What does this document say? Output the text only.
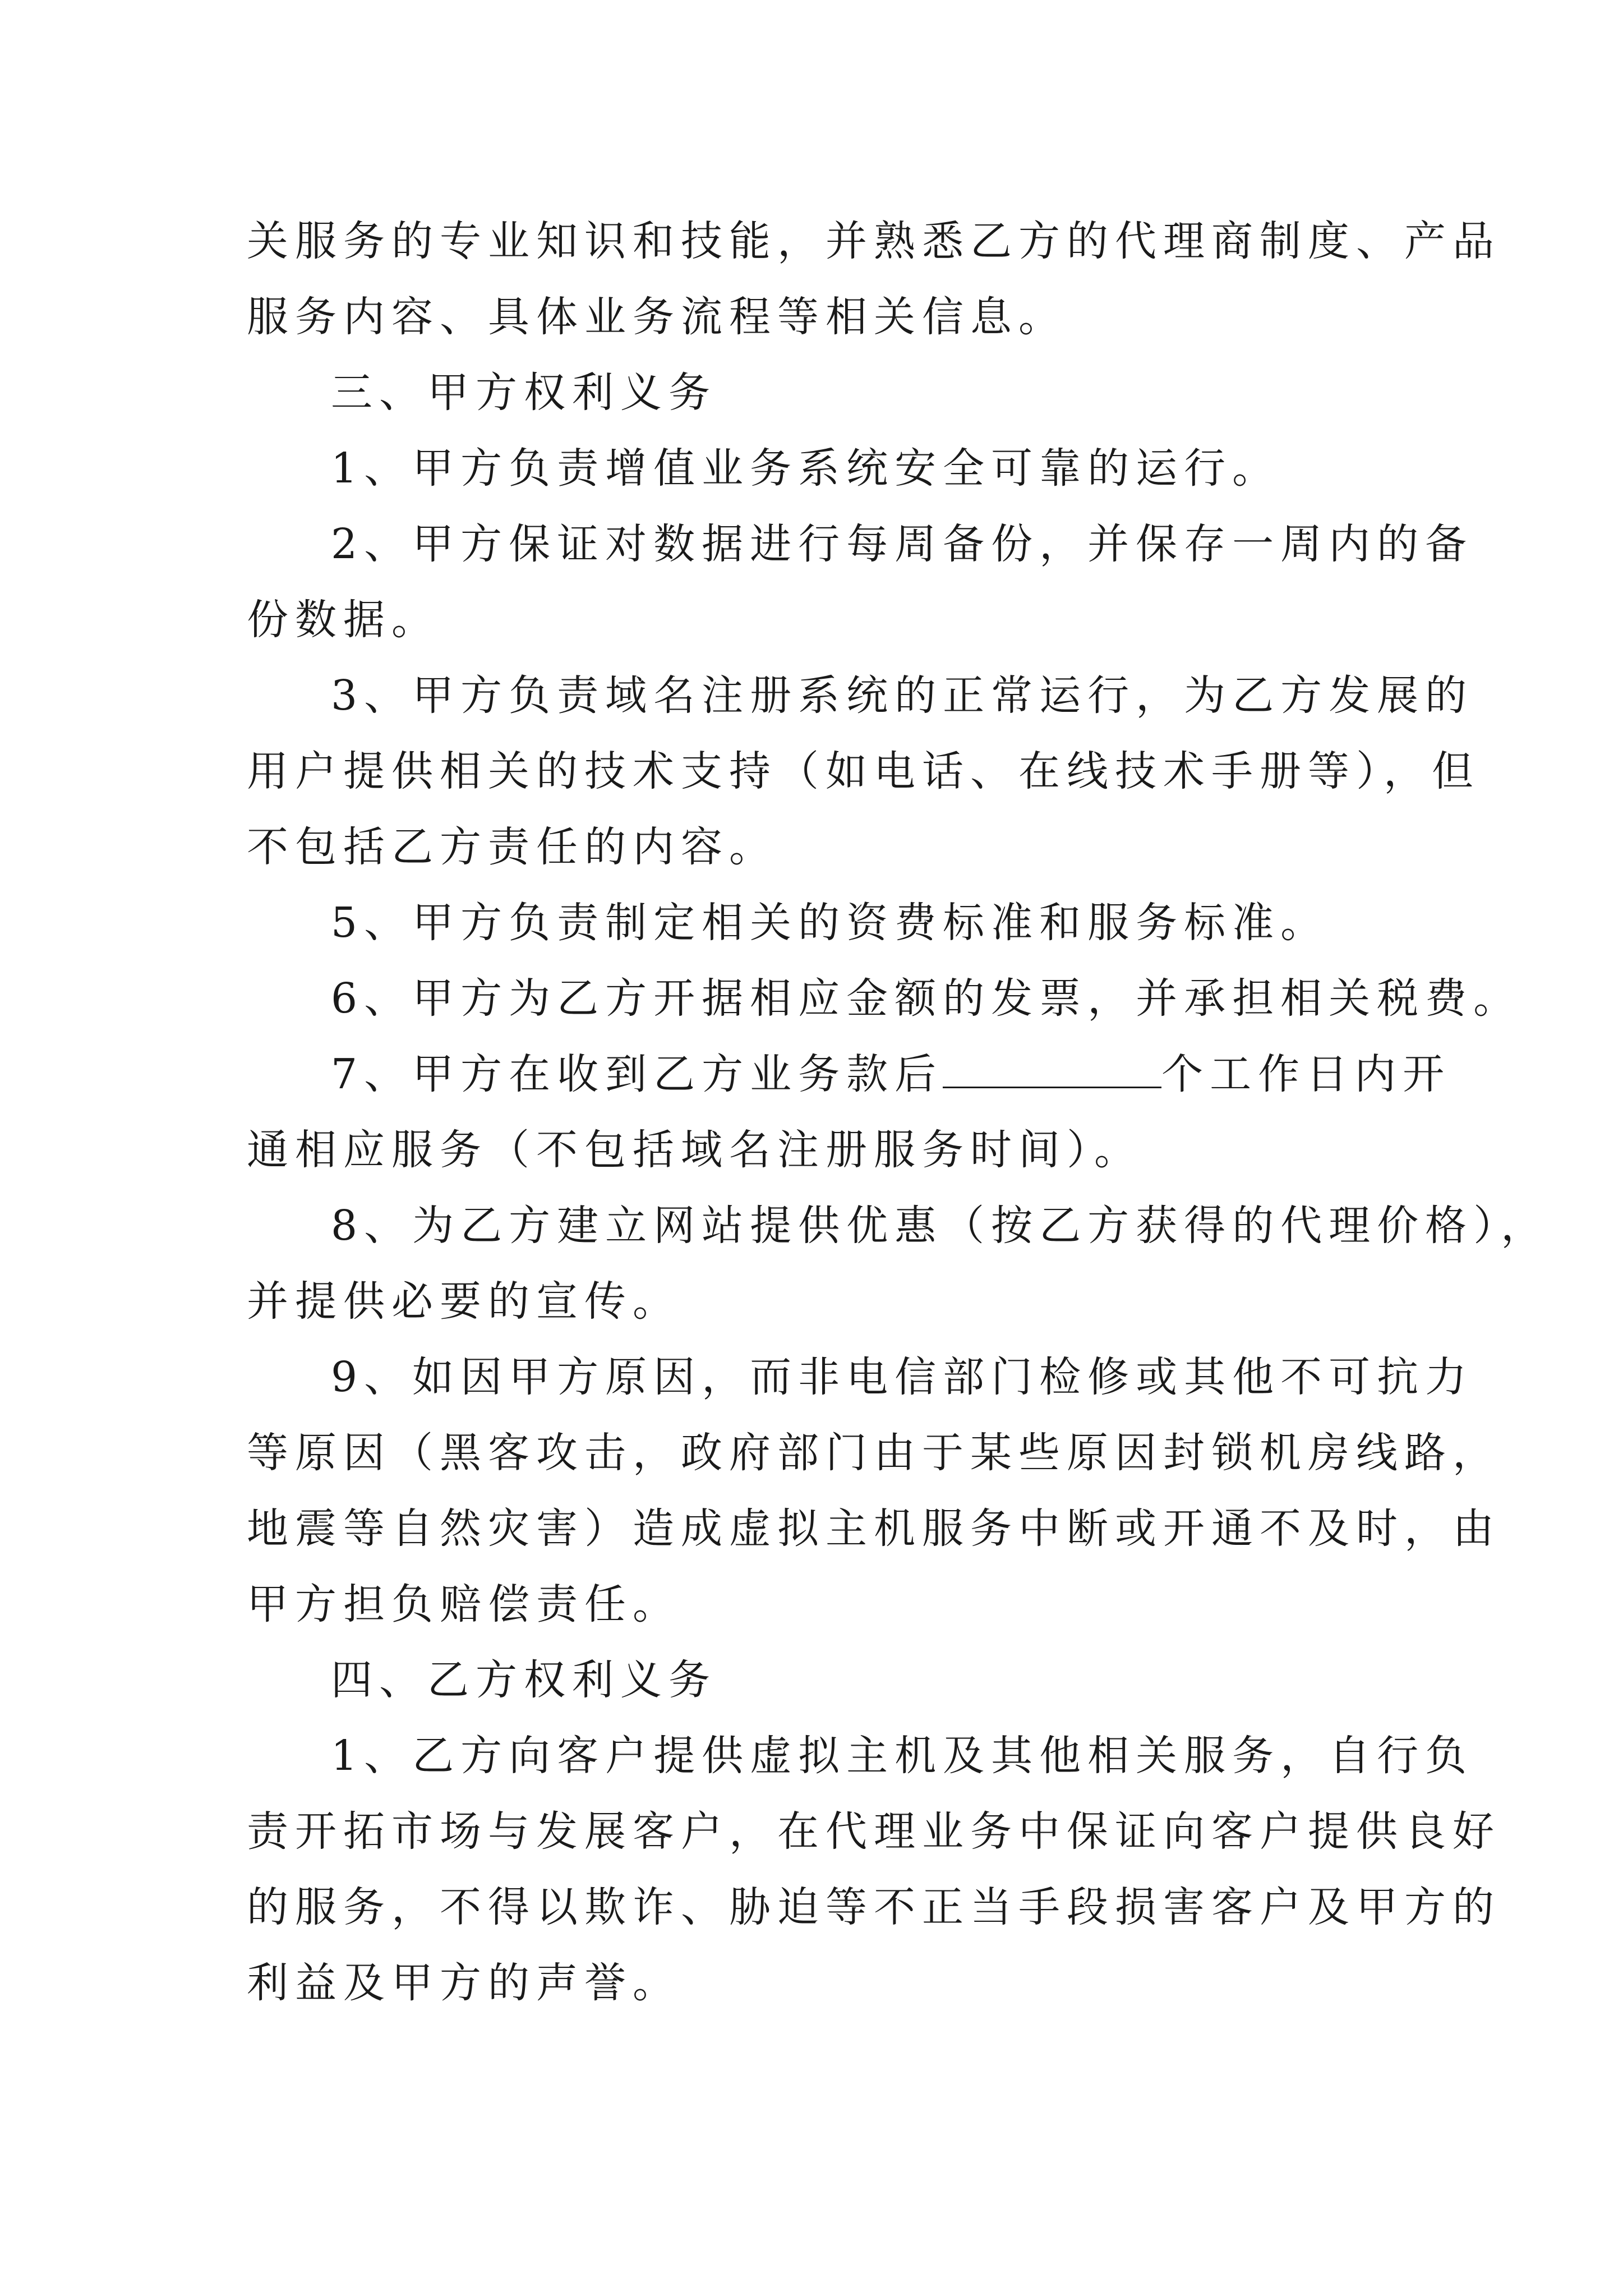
关服务的专业知识和技能，并熟悉乙方的代理商制度、产品
服务内容、具体业务流程等相关信息。
三、甲方权利义务
1、甲方负责增值业务系统安全可靠的运行。
2、甲方保证对数据进行每周备份，并保存一周内的备
份数据。
3、甲方负责域名注册系统的正常运行，为乙方发展的
用户提供相关的技术支持（如电话、在线技术手册等），但
不包括乙方责任的内容。
5、甲方负责制定相关的资费标准和服务标准。
6、甲方为乙方开据相应金额的发票，并承担相关税费。
7、甲方在收到乙方业务款后	个工作日内开
通相应服务（不包括域名注册服务时间）。
8、为乙方建立网站提供优惠（按乙方获得的代理价格），
并提供必要的宣传。
9、如因甲方原因，而非电信部门检修或其他不可抗力
等原因（黑客攻击，政府部门由于某些原因封锁机房线路，
地震等自然灾害）造成虚拟主机服务中断或开通不及时，由
甲方担负赔偿责任。
四、乙方权利义务
1、乙方向客户提供虚拟主机及其他相关服务，自行负
责开拓市场与发展客户，在代理业务中保证向客户提供良好
的服务，不得以欺诈、胁迫等不正当手段损害客户及甲方的
利益及甲方的声誉。
